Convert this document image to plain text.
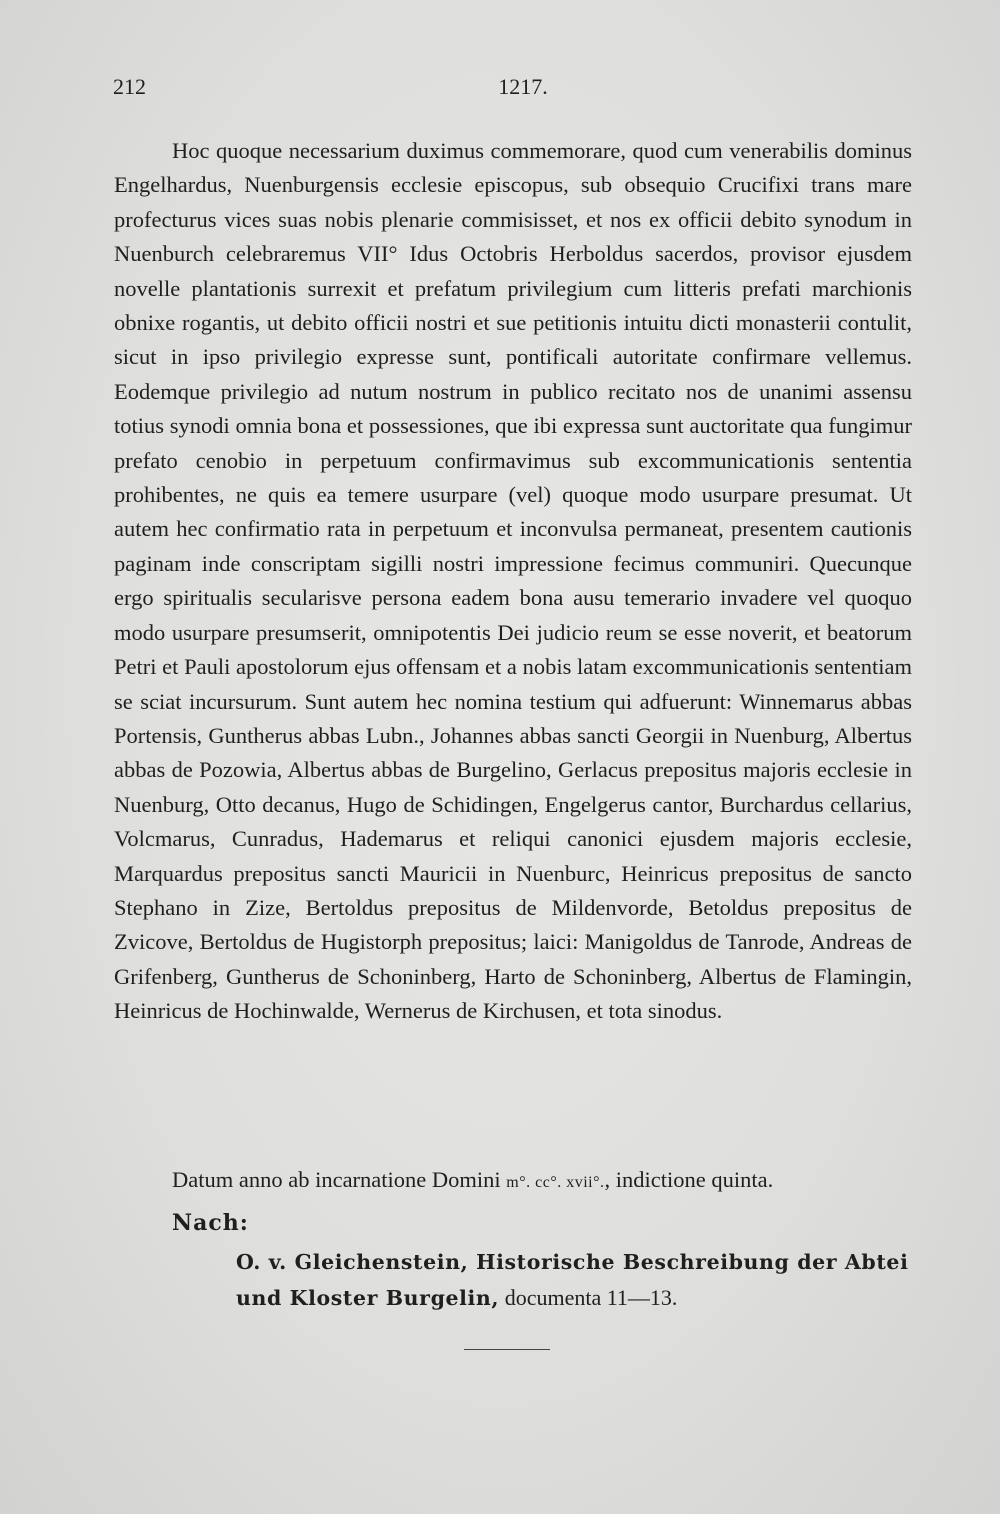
212	1217.

Hoc quoque necessarium duximus commemorare, quod cum venerabilis dominus Engelhardus, Nuenburgensis ecclesie episcopus, sub obsequio Crucifixi trans mare profecturus vices suas nobis plenarie commisisset, et nos ex officii debito synodum in Nuenburch celebraremus VII° Idus Octobris Herboldus sacerdos, provisor ejusdem novelle plantationis surrexit et prefatum privilegium cum litteris prefati marchionis obnixe rogantis, ut debito officii nostri et sue petitionis intuitu dicti monasterii contulit, sicut in ipso privilegio expresse sunt, pontificali autoritate confirmare vellemus. Eodemque privilegio ad nutum nostrum in publico recitato nos de unanimi assensu totius synodi omnia bona et possessiones, que ibi expressa sunt auctoritate qua fungimur prefato cenobio in perpetuum confirmavimus sub excommunicationis sententia prohibentes, ne quis ea temere usurpare (vel) quoque modo usurpare presumat. Ut autem hec confirmatio rata in perpetuum et inconvulsa permaneat, presentem cautionis paginam inde conscriptam sigilli nostri impressione fecimus communiri. Quecunque ergo spiritualis secularisve persona eadem bona ausu temerario invadere vel quoquo modo usurpare presumserit, omnipotentis Dei judicio reum se esse noverit, et beatorum Petri et Pauli apostolorum ejus offensam et a nobis latam excommunicationis sententiam se sciat incursurum. Sunt autem hec nomina testium qui adfuerunt: Winnemarus abbas Portensis, Guntherus abbas Lubn., Johannes abbas sancti Georgii in Nuenburg, Albertus abbas de Pozowia, Albertus abbas de Burgelino, Gerlacus prepositus majoris ecclesie in Nuenburg, Otto decanus, Hugo de Schidingen, Engelgerus cantor, Burchardus cellarius, Volcmarus, Cunradus, Hademarus et reliqui canonici ejusdem majoris ecclesie, Marquardus prepositus sancti Mauricii in Nuenburc, Heinricus prepositus de sancto Stephano in Zize, Bertoldus prepositus de Mildenvorde, Betoldus prepositus de Zvicove, Bertoldus de Hugistorph prepositus; laici: Manigoldus de Tanrode, Andreas de Grifenberg, Guntherus de Schoninberg, Harto de Schoninberg, Albertus de Flamingin, Heinricus de Hochinwalde, Wernerus de Kirchusen, et tota sinodus.

Datum anno ab incarnatione Domini m°. cc°. xvii°., indictione quinta.
Nach:
O. v. Gleichenstein, Historische Beschreibung der Abtei und Kloster Burgelin, documenta 11—13.
